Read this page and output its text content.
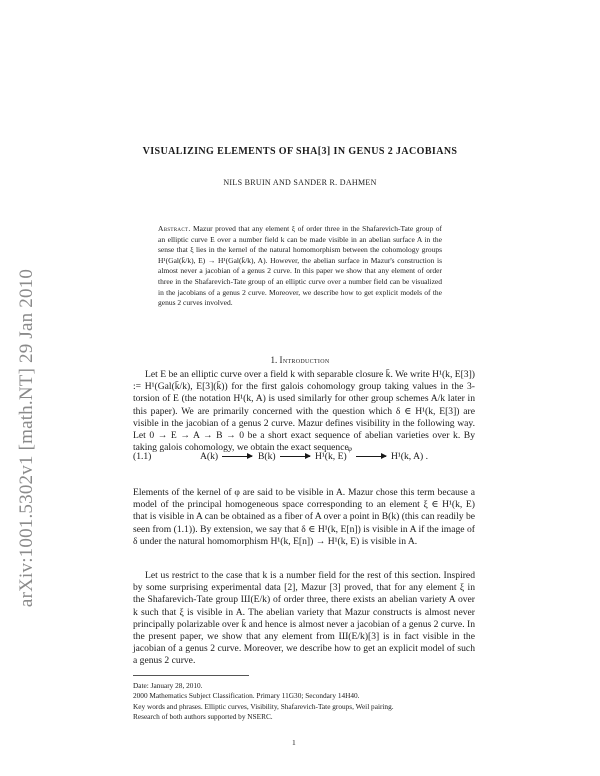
arXiv:1001.5302v1 [math.NT] 29 Jan 2010
VISUALIZING ELEMENTS OF SHA[3] IN GENUS 2 JACOBIANS
NILS BRUIN AND SANDER R. DAHMEN

Abstract. Mazur proved that any element ξ of order three in the Shafarevich-Tate group of an elliptic curve E over a number field k can be made visible in an abelian surface A in the sense that ξ lies in the kernel of the natural homomorphism between the cohomology groups H¹(Gal(k̄/k), E) → H¹(Gal(k̄/k), A). However, the abelian surface in Mazur's construction is almost never a jacobian of a genus 2 curve. In this paper we show that any element of order three in the Shafarevich-Tate group of an elliptic curve over a number field can be visualized in the jacobians of a genus 2 curve. Moreover, we describe how to get explicit models of the genus 2 curves involved.

1. Introduction

Let E be an elliptic curve over a field k with separable closure k̄. We write H¹(k, E[3]) := H¹(Gal(k̄/k), E[3](k̄)) for the first galois cohomology group taking values in the 3-torsion of E (the notation H¹(k, A) is used similarly for other group schemes A/k later in this paper). We are primarily concerned with the question which δ ∈ H¹(k, E[3]) are visible in the jacobian of a genus 2 curve. Mazur defines visibility in the following way. Let 0 → E → A → B → 0 be a short exact sequence of abelian varieties over k. By taking galois cohomology, we obtain the exact sequence

(1.1)	A(k)	B(k)	H¹(k, E)
φ
H¹(k, A) .

Elements of the kernel of φ are said to be visible in A. Mazur chose this term because a model of the principal homogeneous space corresponding to an element ξ ∈ H¹(k, E) that is visible in A can be obtained as a fiber of A over a point in B(k) (this can readily be seen from (1.1)). By extension, we say that δ ∈ H¹(k, E[n]) is visible in A if the image of δ under the natural homomorphism H¹(k, E[n]) → H¹(k, E) is visible in A.

Let us restrict to the case that k is a number field for the rest of this section. Inspired by some surprising experimental data [2], Mazur [3] proved, that for any element ξ in the Shafarevich-Tate group Ш(E/k) of order three, there exists an abelian variety A over k such that ξ is visible in A. The abelian variety that Mazur constructs is almost never principally polarizable over k̄ and hence is almost never a jacobian of a genus 2 curve. In the present paper, we show that any element from Ш(E/k)[3] is in fact visible in the jacobian of a genus 2 curve. Moreover, we describe how to get an explicit model of such a genus 2 curve.

Date: January 28, 2010.
2000 Mathematics Subject Classification. Primary 11G30; Secondary 14H40.
Key words and phrases. Elliptic curves, Visibility, Shafarevich-Tate groups, Weil pairing.
Research of both authors supported by NSERC.
1
